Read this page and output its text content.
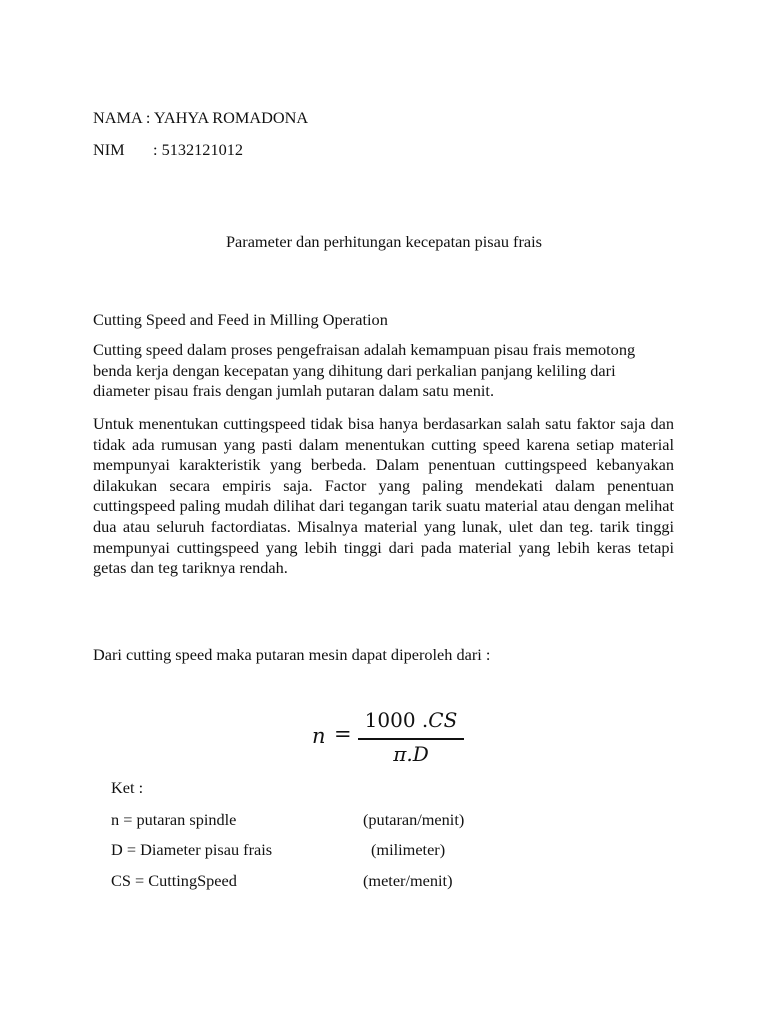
NAMA : YAHYA ROMADONA
NIM : 5132121012
Parameter dan perhitungan kecepatan pisau frais
Cutting Speed and Feed in Milling Operation

Cutting speed dalam proses pengefraisan adalah kemampuan pisau frais memotong benda kerja dengan kecepatan yang dihitung dari perkalian panjang keliling dari diameter pisau frais dengan jumlah putaran dalam satu menit.

Untuk menentukan cuttingspeed tidak bisa hanya berdasarkan salah satu faktor saja dan tidak ada rumusan yang pasti dalam menentukan cutting speed karena setiap material mempunyai karakteristik yang berbeda. Dalam penentuan cuttingspeed kebanyakan dilakukan secara empiris saja. Factor yang paling mendekati dalam penentuan cuttingspeed paling mudah dilihat dari tegangan tarik suatu material atau dengan melihat dua atau seluruh factordiatas. Misalnya material yang lunak, ulet dan teg. tarik tinggi mempunyai cuttingspeed yang lebih tinggi dari pada material yang lebih keras tetapi getas dan teg tariknya rendah.

Dari cutting speed maka putaran mesin dapat diperoleh dari :
n =
1000 .CS
π.D
Ket :
n = putaran spindle	(putaran/menit)
D = Diameter pisau frais	(milimeter)
CS = CuttingSpeed	(meter/menit)
